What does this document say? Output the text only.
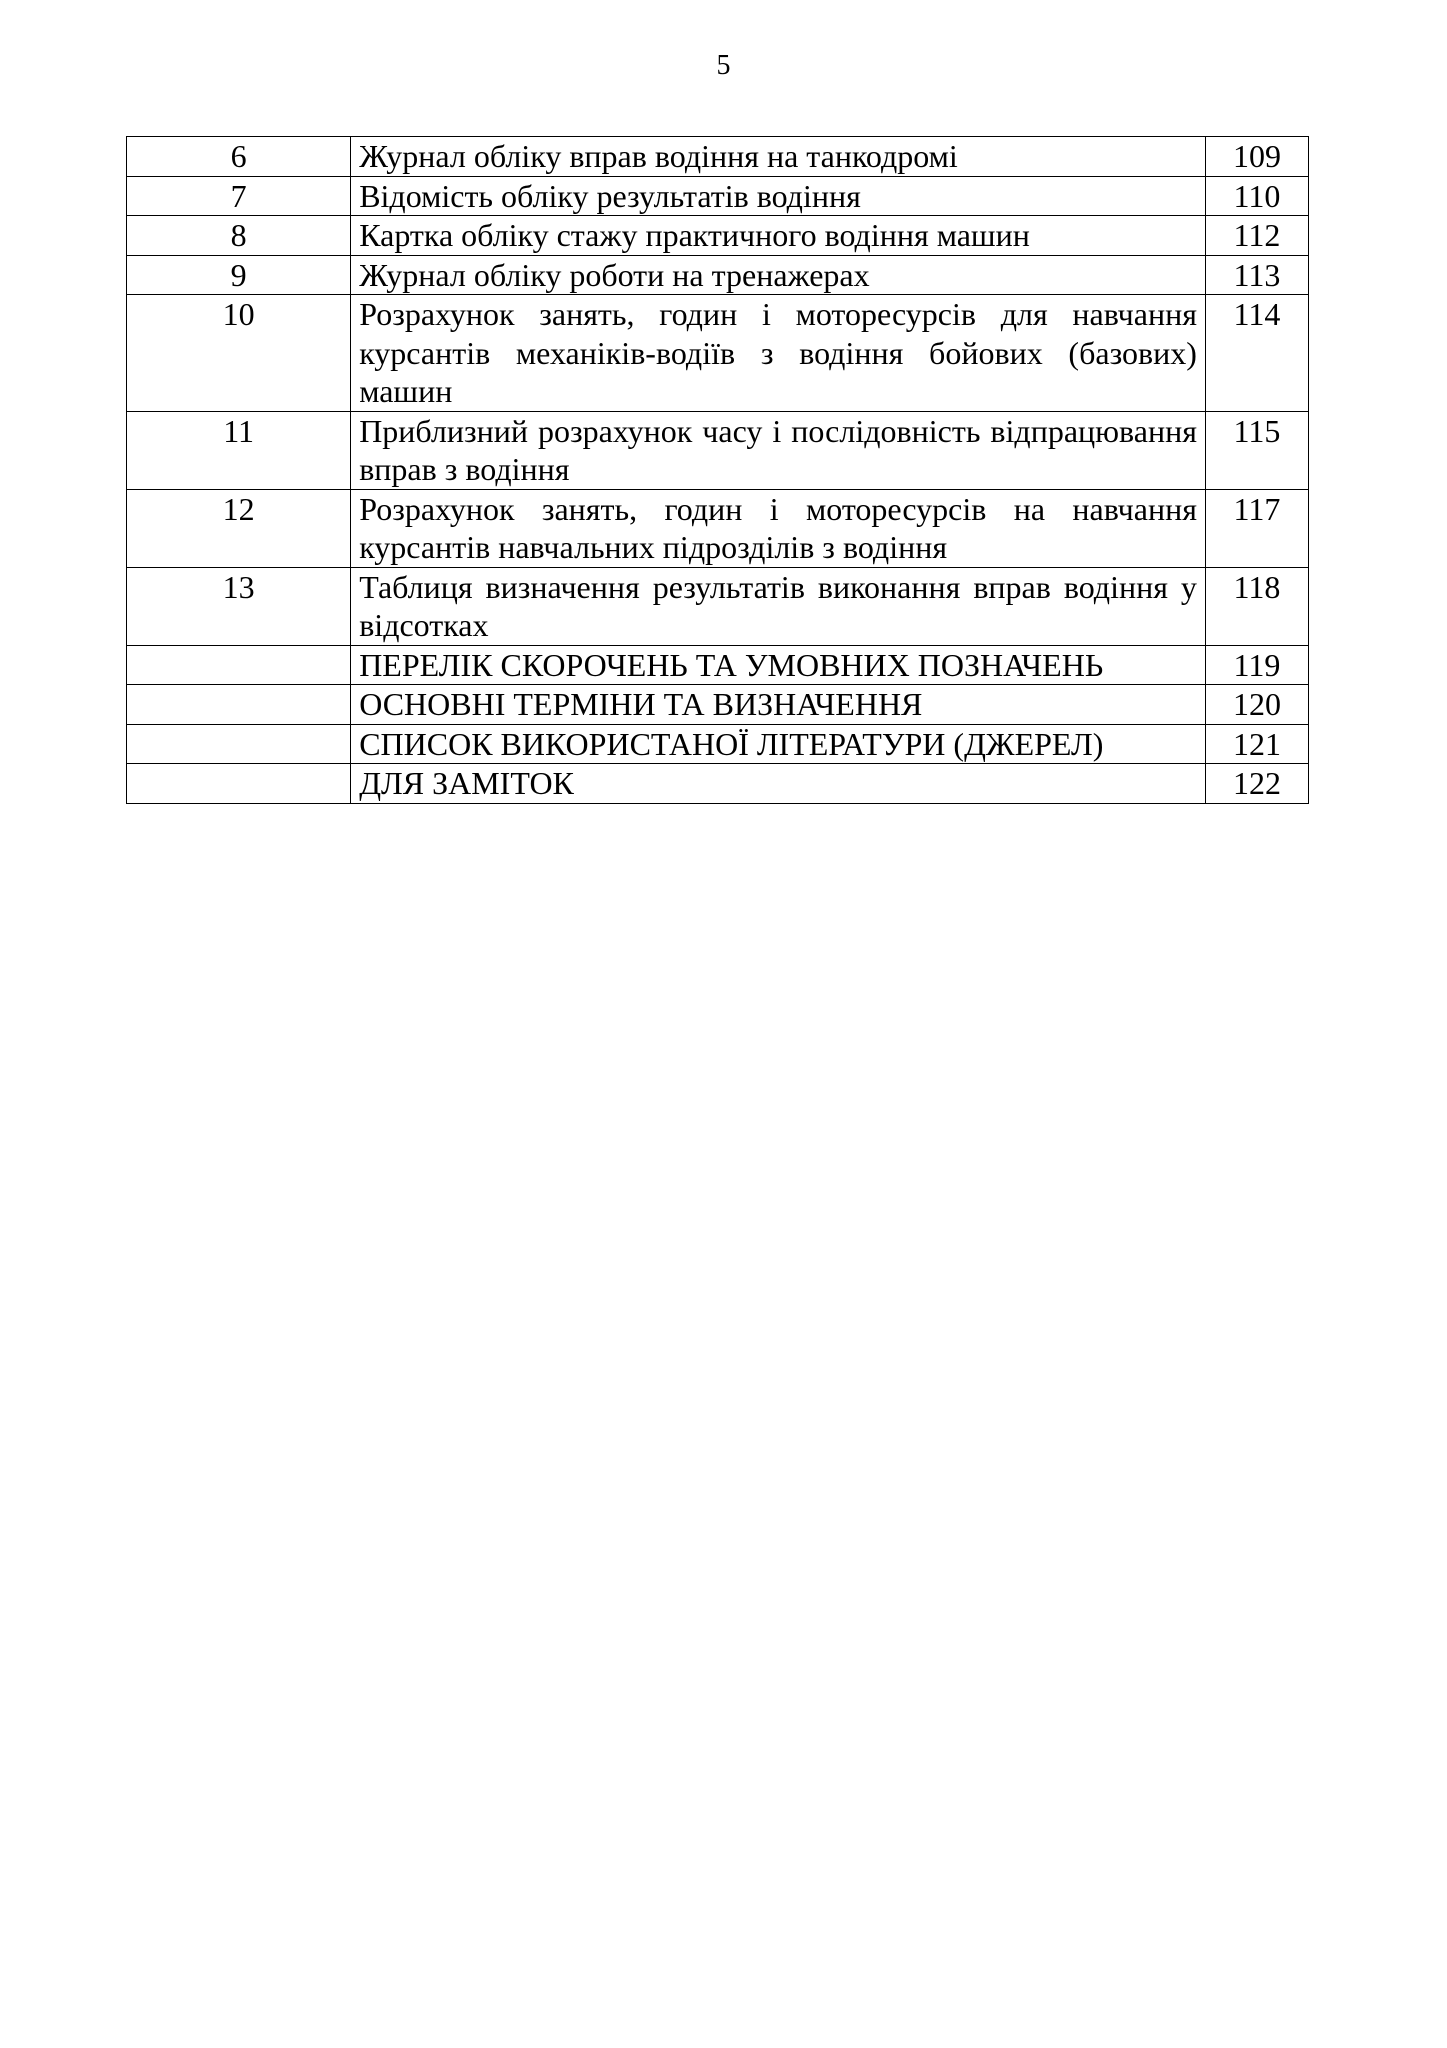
5
6	Журнал обліку вправ водіння на танкодромі	109
7	Відомість обліку результатів водіння	110
8	Картка обліку стажу практичного водіння машин	112
9	Журнал обліку роботи на тренажерах	113
10	Розрахунок занять, годин і моторесурсів для навчання курсантів механіків-водіїв з водіння бойових (базових) машин	114
11	Приблизний розрахунок часу і послідовність відпрацювання вправ з водіння	115
12	Розрахунок занять, годин і моторесурсів на навчання курсантів навчальних підрозділів з водіння	117
13	Таблиця визначення результатів виконання вправ водіння у відсотках	118
	ПЕРЕЛІК СКОРОЧЕНЬ ТА УМОВНИХ ПОЗНАЧЕНЬ	119
	ОСНОВНІ ТЕРМІНИ ТА ВИЗНАЧЕННЯ	120
	СПИСОК ВИКОРИСТАНОЇ ЛІТЕРАТУРИ (ДЖЕРЕЛ)	121
	ДЛЯ ЗАМІТОК	122
